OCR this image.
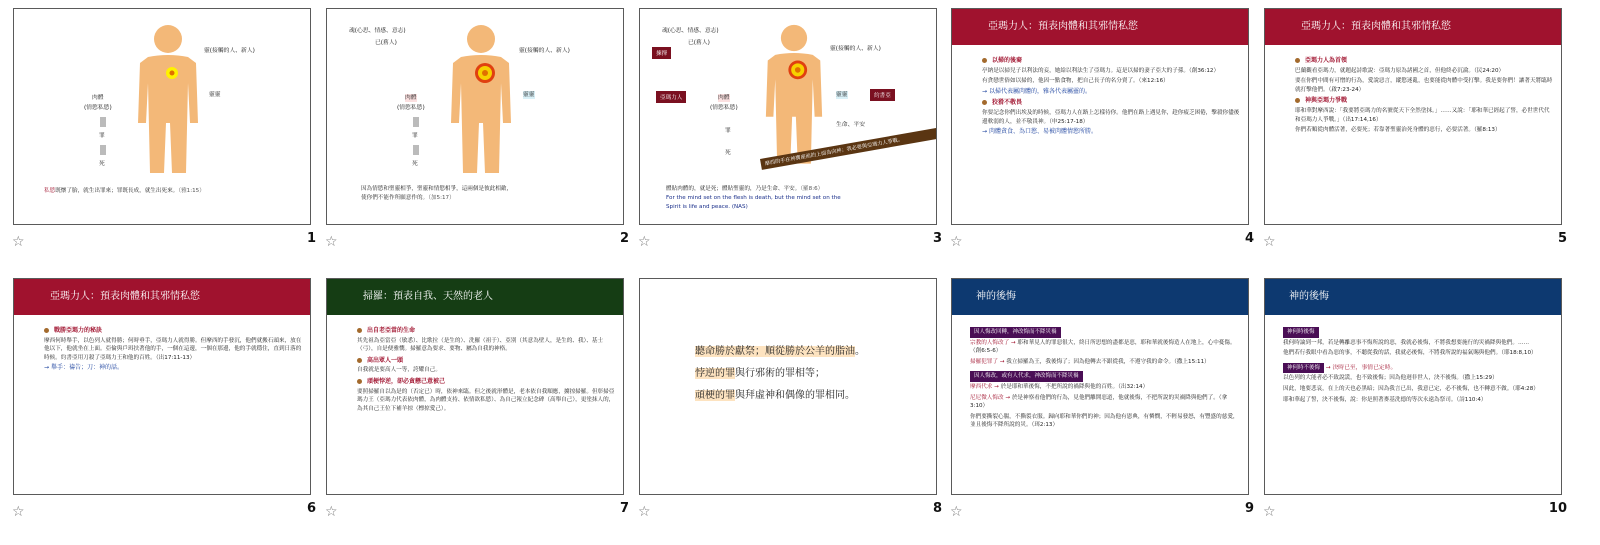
靈(接觸的人、新人)
靈靈
肉體
(情慾私慾)
罪
死
私慾既懷了胎，就生出罪來；罪既長成，就生出死來。（雅1:15）
☆	1
魂(心思、情感、意志)
已(舊人)
靈(接觸的人、新人)
靈靈
肉體
(情慾私慾)
罪
死
因為情慾和聖靈相爭，聖靈和情慾相爭，這兩個是彼此相敵，
使你們不能作所願意作的。（加5:17）
☆	2
魂(心思、情感、意志)
已(舊人)
揀擇
靈(接觸的人、新人)
亞瑪力人	肉體
(情慾私慾)
靈靈	約書亞
罪
死
生命、平安
摩西的手在神寶座前的上面為向神；我必要與亞瑪力人爭戰。
體貼肉體的，就是死；體貼聖靈的，乃是生命、平安。（羅8:6）
For the mind set on the flesh is death, but the mind set on the
Spirit is life and peace. (NAS)
☆	3
亞瑪力人：預表肉體和其邪情私慾
以掃的後裔

亭納是以掃兒子以利法的妾，她給以利法生了亞瑪力。這是以掃的妻子亞大的子孫。（創36:12）

有貪戀世俗如以掃的，他因一點食物，把自己長子的名分賣了。（來12:16）

→ 以掃代表屬肉體的，雅各代表屬靈的。
狡猾不敬畏

你要記念你們出埃及的時候，亞瑪力人在路上怎樣待你。他們在路上遇見你，趁你疲乏困倦，擊殺你儘後邊軟弱的人，並不敬畏神。（申25:17-18）

→ 肉體貪食、為口慾、易被肉體情慾所勝。
☆	4
亞瑪力人：預表肉體和其邪情私慾
亞瑪力人為首領

巴蘭觀看亞瑪力，就題起詩歌說：亞瑪力原為諸國之首，但他終必沉淪。（民24:20）

要在你們中間有可憎的行為，愛說惡言，縱慾迷亂，也要能從肉體中受打擊。我是要你們！讓著天將臨時就打擊他們。（啟7:23-24）

神與亞瑪力爭戰

耶和華對摩西說：「我要將亞瑪力的名號從天下全然塗抹。」……又說：「耶和華已經起了誓，必世世代代和亞瑪力人爭戰。」（出17:14,16）

你們若順從肉體活著，必要死；若靠著聖靈治死身體的惡行，必要活著。（羅8:13）

☆	5
亞瑪力人：預表肉體和其邪情私慾
戰勝亞瑪力的秘訣

摩西何時舉手，以色列人就得勝；何時垂手，亞瑪力人就得勝。但摩西的手發沉，他們就搬石頭來，放在他以下，他就坐在上面。亞倫與戶珥扶著他的手，一個在這邊，一個在那邊，他的手就穩住，直到日落的時候。約書亞用刀殺了亞瑪力王和他的百姓。（出17:11-13）

→ 舉手：禱告；刀：神的話。
☆	6
掃羅：預表自我、天然的老人
出自老亞當的生命

其先祖為亞當亞（敏悉）、比歌拉（是生的）、洗羅（祖于）、亞別（其意為壁人，是生的、我）、基士（弓），自是便雅憫。掃羅意為要求、要物、屬為自我的神格。

高出眾人一頭

自我就是要高人一等，誇耀自己。

頑梗悖逆，卻必貪戀己意被己

要照掃羅自以為是的（否定已）時，依神來臨。但之後就形體是，老本依自我順應，擄掠掃羅。但彰掃亞瑪力王（亞瑪力代表依肉體，為肉體支持、依情欲私慾）、為自己報立紀念碑（高舉自己），更塗抹人的，為其自己王位下補羊掠（標掠愛己）。

☆	7
聽命勝於獻祭；順從勝於公羊的脂油。
悖逆的罪與行邪術的罪相等；
頑梗的罪與拜虛神和偶像的罪相同。
☆	8
神的後悔
因人悔改回轉，神改悔而不降災禍

宗教的人悔改了 → 耶和華見人的罪惡很大，終日所思想的盡都是惡，耶和華就後悔造人在地上，心中憂傷。（創6:5-6）

掃羅犯罪了 → 我立掃羅為王，我後悔了；因為他轉去不跟從我，不遵守我的命令。（撒上15:11）

因人悔改，或有人代求，神改悔而不降災禍

摩西代求 → 於是耶和華後悔，不把所說的禍降與他的百姓。（出32:14）

尼尼微人悔改 → 於是神察看他們的行為，見他們離開惡道，他就後悔，不把所說的災禍降與他們了。（拿3:10）

你們要撕裂心腸，不撕裂衣服。歸向耶和華你們的神；因為他有恩典，有憐憫，不輕易發怒，有豐盛的慈愛，並且後悔不降所說的災。（珥2:13）

☆	9
神的後悔
神何時後悔

我何時論到一邦，若是轉離惡事不悔所說的惡，我就必後悔，不將我想要施行的災禍降與他們。……

他們若行我眼中看為惡的事，不聽從我的話，我就必後悔，不將我所說的福氣賜與他們。（耶18:8,10）

神何時不後悔 → 決時已至，事情已定時。

以色列的大能者必不致說謊，也不致後悔；因為他迥非世人，決不後悔。（撒上15:29）

因此，地要悲哀，在上的天也必黑暗；因為我言已出，我意已定，必不後悔，也不轉意不做。（耶4:28）

耶和華起了誓，決不後悔，說：你是照著麥基洗德的等次永遠為祭司。（詩110:4）

☆	10
